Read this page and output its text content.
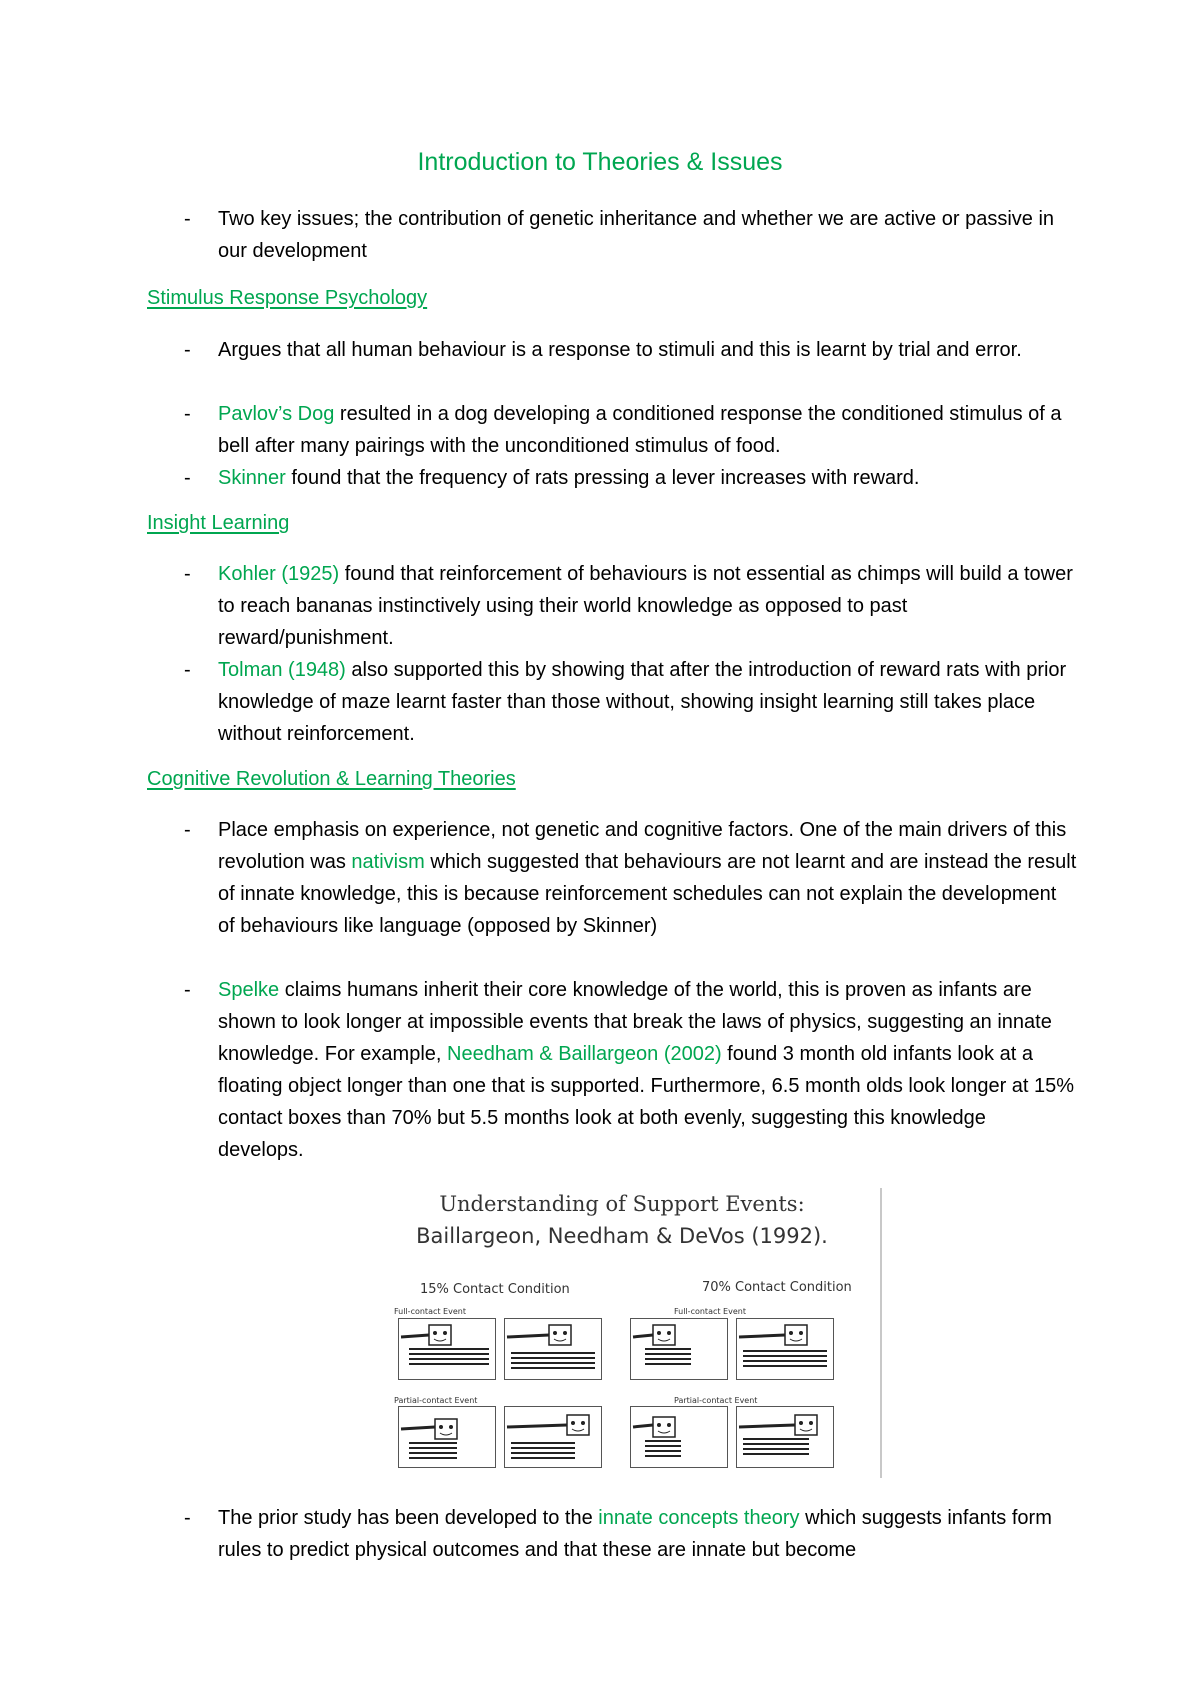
Introduction to Theories & Issues
- Two key issues; the contribution of genetic inheritance and whether we are active or passive in our development
Stimulus Response Psychology
- Argues that all human behaviour is a response to stimuli and this is learnt by trial and error.
- Pavlov’s Dog resulted in a dog developing a conditioned response the conditioned stimulus of a bell after many pairings with the unconditioned stimulus of food.
- Skinner found that the frequency of rats pressing a lever increases with reward.
Insight Learning
- Kohler (1925) found that reinforcement of behaviours is not essential as chimps will build a tower to reach bananas instinctively using their world knowledge as opposed to past reward/punishment.
- Tolman (1948) also supported this by showing that after the introduction of reward rats with prior knowledge of maze learnt faster than those without, showing insight learning still takes place without reinforcement.
Cognitive Revolution & Learning Theories
- Place emphasis on experience, not genetic and cognitive factors. One of the main drivers of this revolution was nativism which suggested that behaviours are not learnt and are instead the result of innate knowledge, this is because reinforcement schedules can not explain the development of behaviours like language (opposed by Skinner)
- Spelke claims humans inherit their core knowledge of the world, this is proven as infants are shown to look longer at impossible events that break the laws of physics, suggesting an innate knowledge. For example, Needham & Baillargeon (2002) found 3 month old infants look at a floating object longer than one that is supported. Furthermore, 6.5 month olds look longer at 15% contact boxes than 70% but 5.5 months look at both evenly, suggesting this knowledge develops.
Understanding of Support Events:
Baillargeon, Needham & DeVos (1992).
15% Contact Condition	70% Contact Condition
Full-contact Event	Full-contact Event
Partial-contact Event	Partial-contact Event
- The prior study has been developed to the innate concepts theory which suggests infants form rules to predict physical outcomes and that these are innate but become
